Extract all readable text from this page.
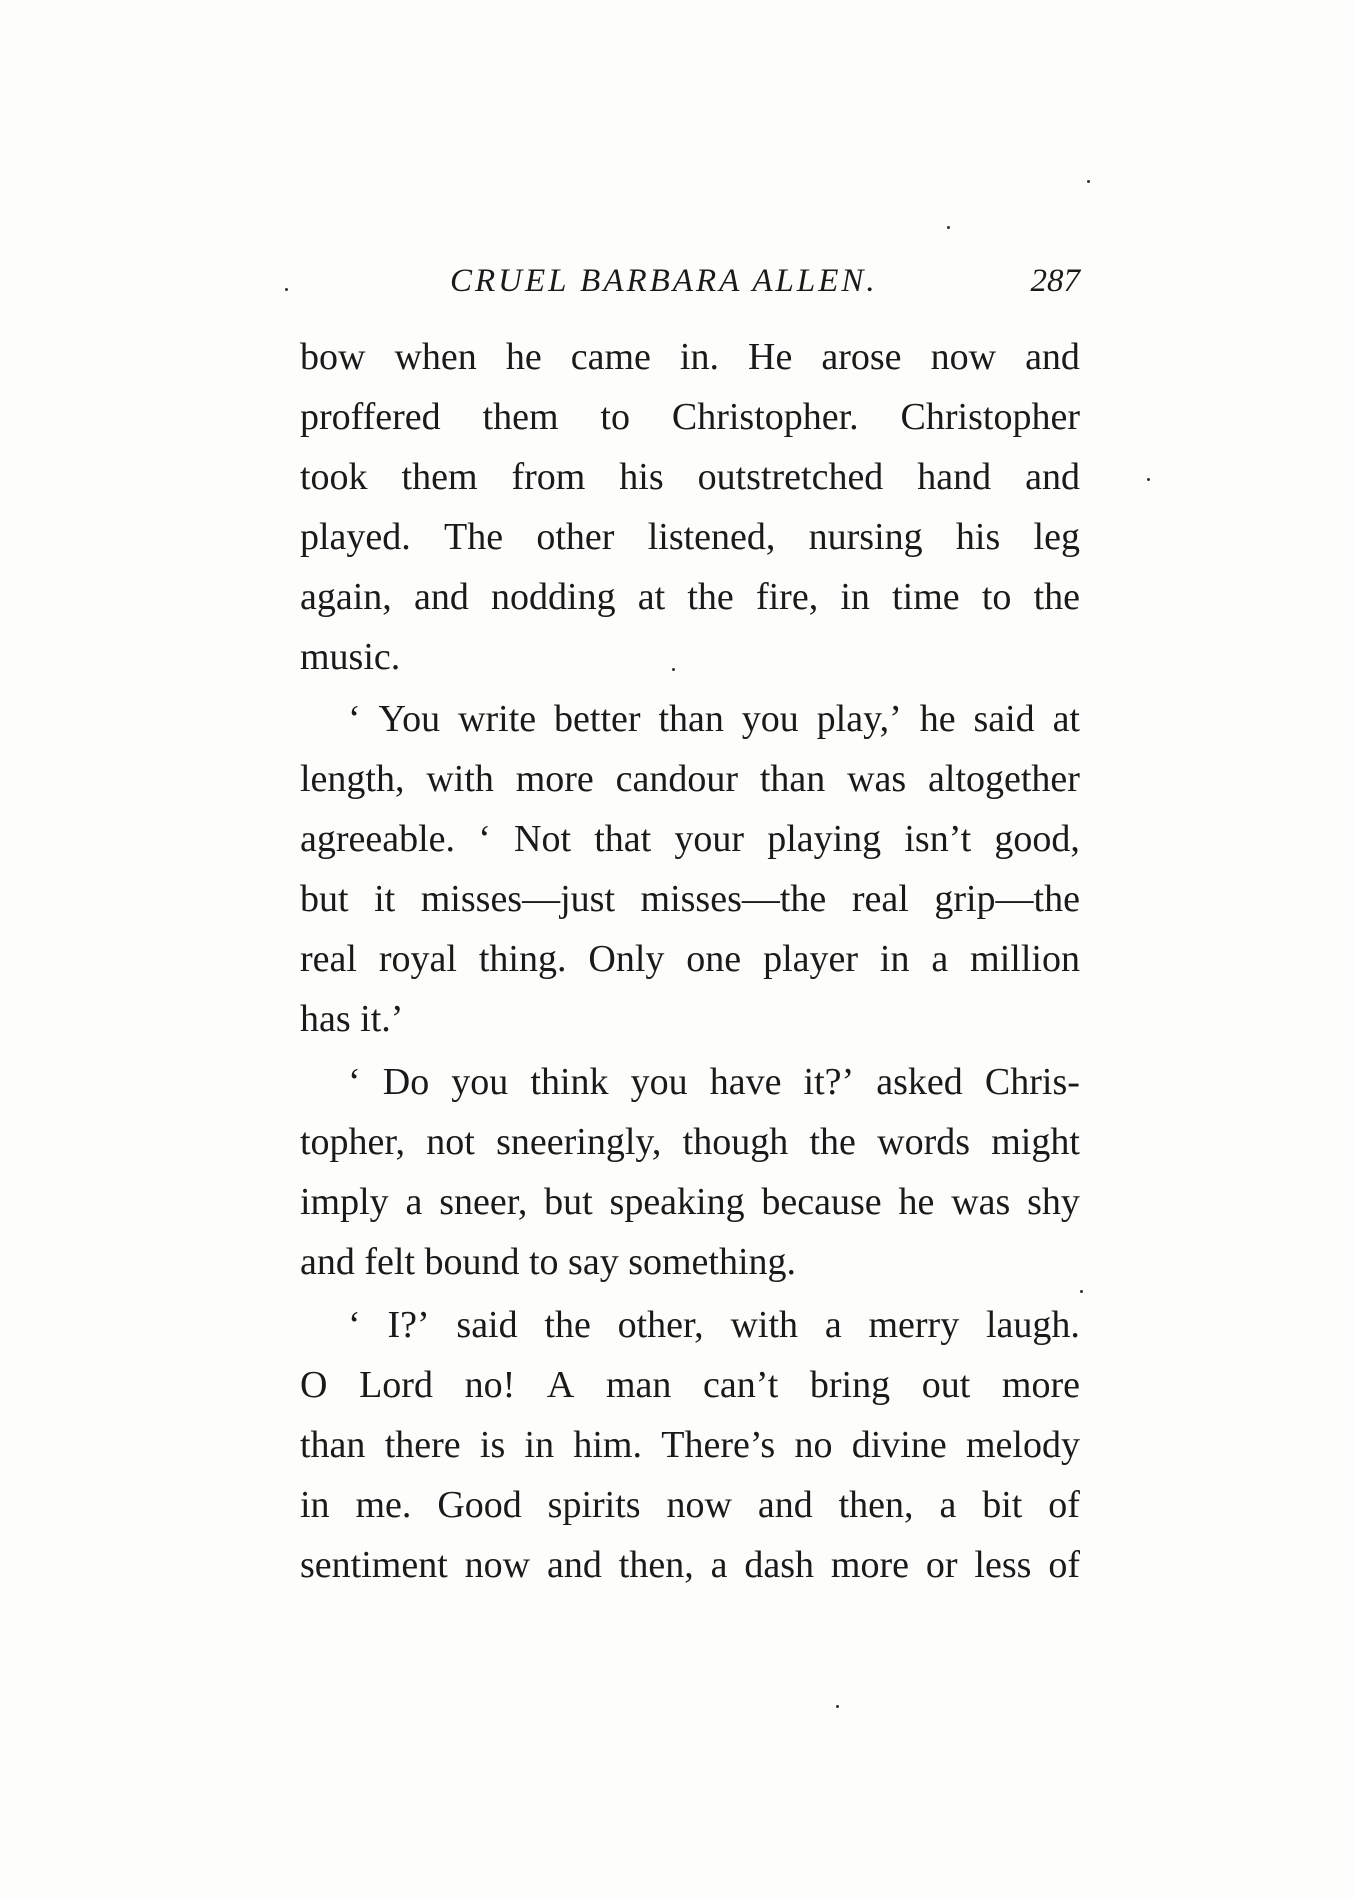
CRUEL BARBARA ALLEN.	287
bow when he came in. He arose now and
proffered them to Christopher. Christopher
took them from his outstretched hand and
played. The other listened, nursing his leg
again, and nodding at the fire, in time to the
music.
‘ You write better than you play,’ he said at
length, with more candour than was altogether
agreeable. ‘ Not that your playing isn’t good,
but it misses—just misses—the real grip—the
real royal thing. Only one player in a million
has it.’
‘ Do you think you have it?’ asked Chris-
topher, not sneeringly, though the words might
imply a sneer, but speaking because he was shy
and felt bound to say something.
‘ I?’ said the other, with a merry laugh.
O Lord no! A man can’t bring out more
than there is in him. There’s no divine melody
in me. Good spirits now and then, a bit of
sentiment now and then, a dash more or less of
